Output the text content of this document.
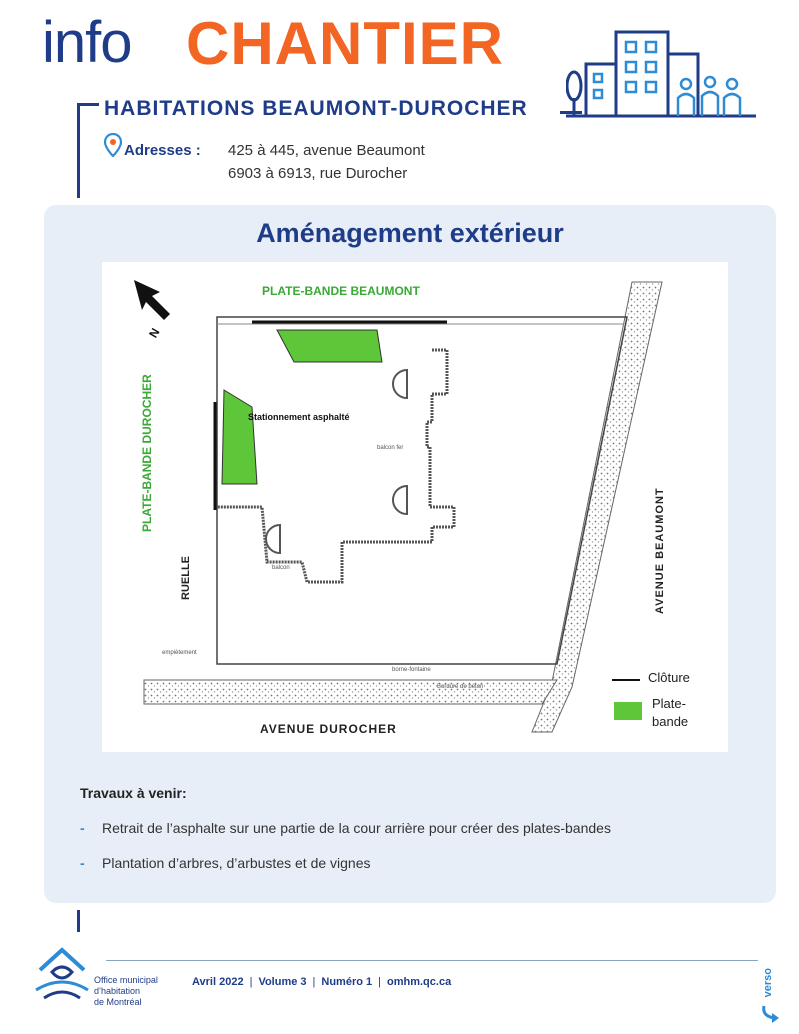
info CHANTIER
HABITATIONS BEAUMONT-DUROCHER
Adresses : 425 à 445, avenue Beaumont
6903 à 6913, rue Durocher
Aménagement extérieur
PLATE-BANDE BEAUMONT
PLATE-BANDE DUROCHER
N
Stationnement asphalté
balcon fer
balcon
RUELLE	AVENUE BEAUMONT
AVENUE DUROCHER
borne-fontaine
Bordure de béton
empiètement
Clôture
Plate-
bande
Travaux à venir:
- Retrait de l’asphalte sur une partie de la cour arrière pour créer des plates-bandes
- Plantation d’arbres, d’arbustes et de vignes
Office municipal
d’habitation
de Montréal
Avril 2022 | Volume 3 | Numéro 1 | omhm.qc.ca	verso
